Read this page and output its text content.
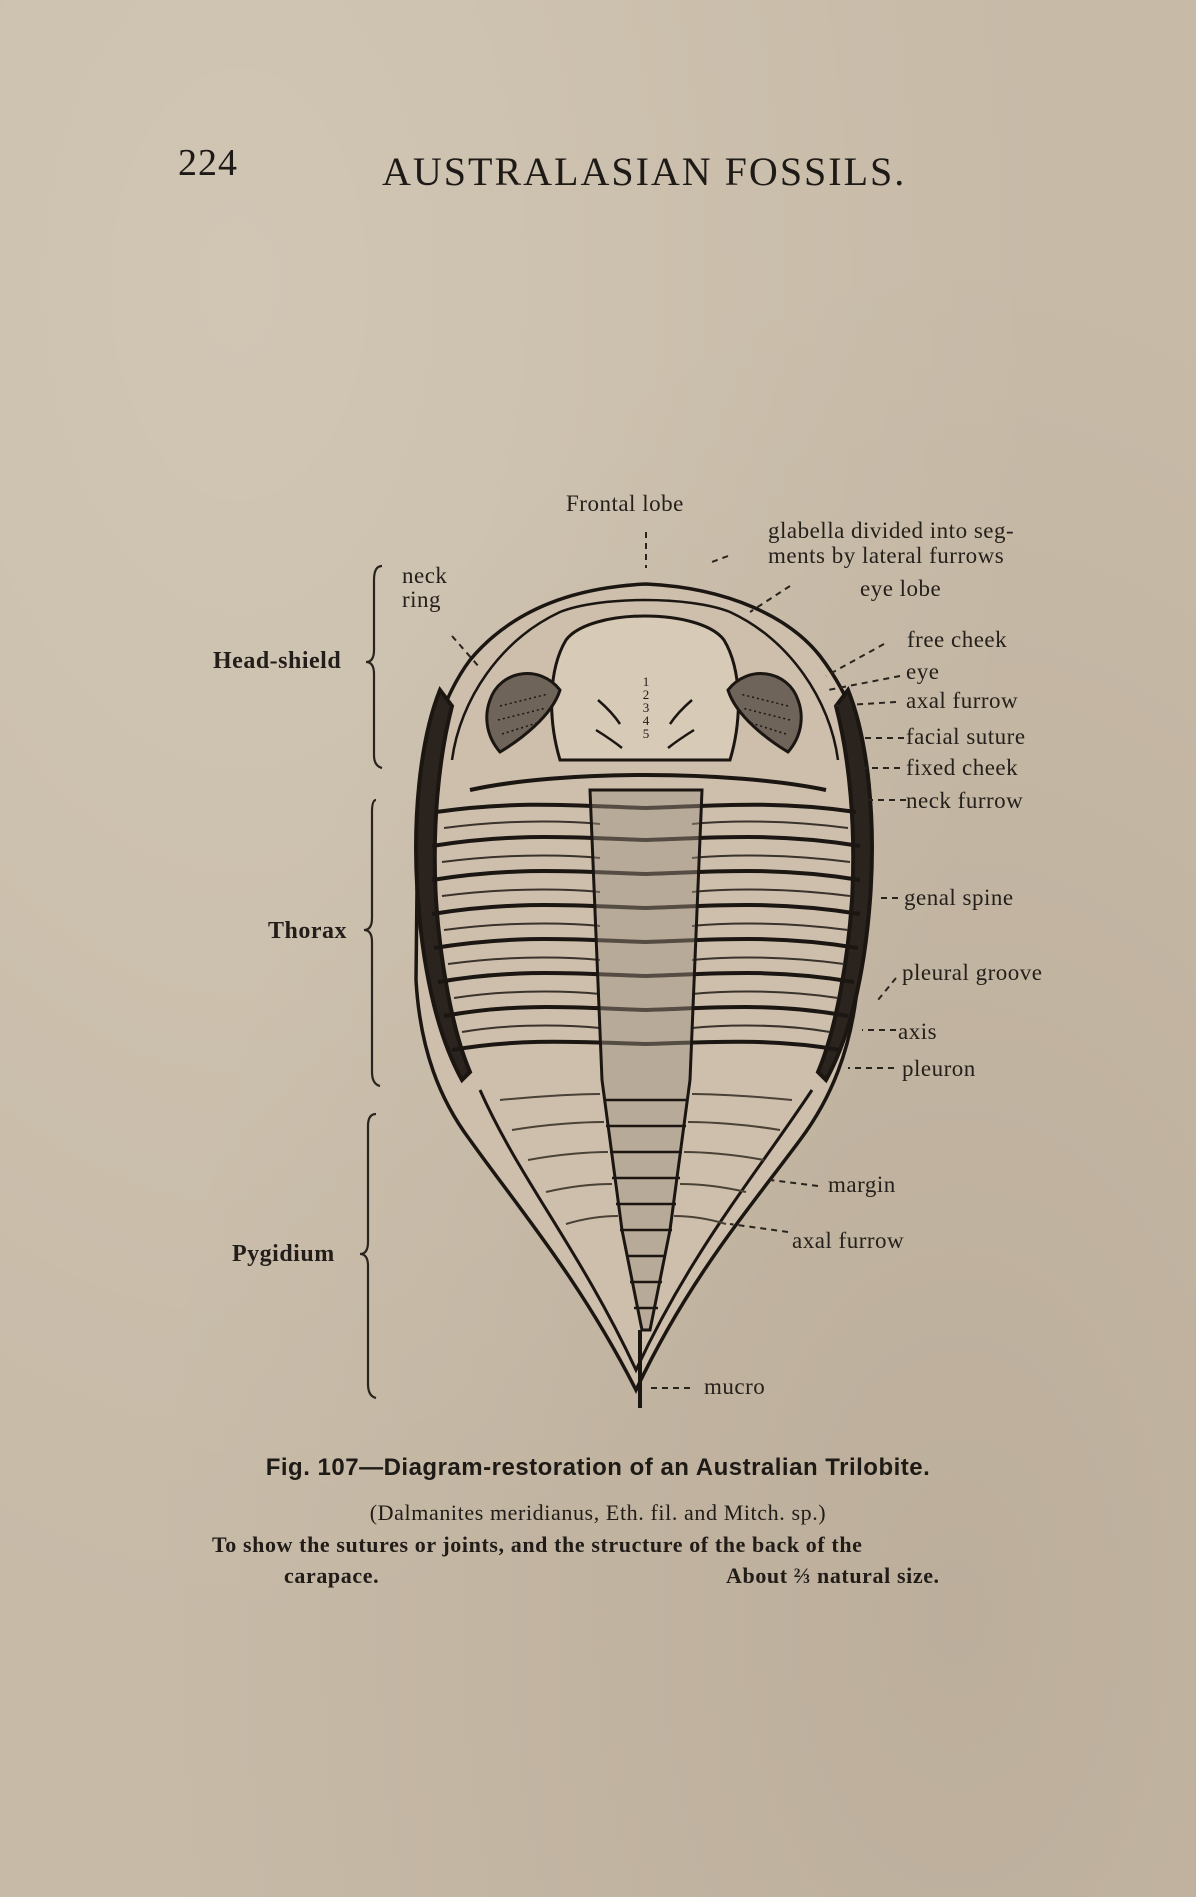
224	AUSTRALASIAN FOSSILS.
Head-shield
Thorax
Pygidium
Frontal lobe
glabella divided into seg-
ments by lateral furrows
neck
ring	eye lobe
free cheek
eye
axal furrow
facial suture
fixed cheek
neck furrow
genal spine
pleural groove
axis
pleuron
margin
axal furrow
mucro
1
2
3
4
5
Fig. 107—Diagram-restoration of an Australian Trilobite.
(Dalmanites meridianus, Eth. fil. and Mitch. sp.)
To show the sutures or joints, and the structure of the back of the
carapace.	About ⅔ natural size.
